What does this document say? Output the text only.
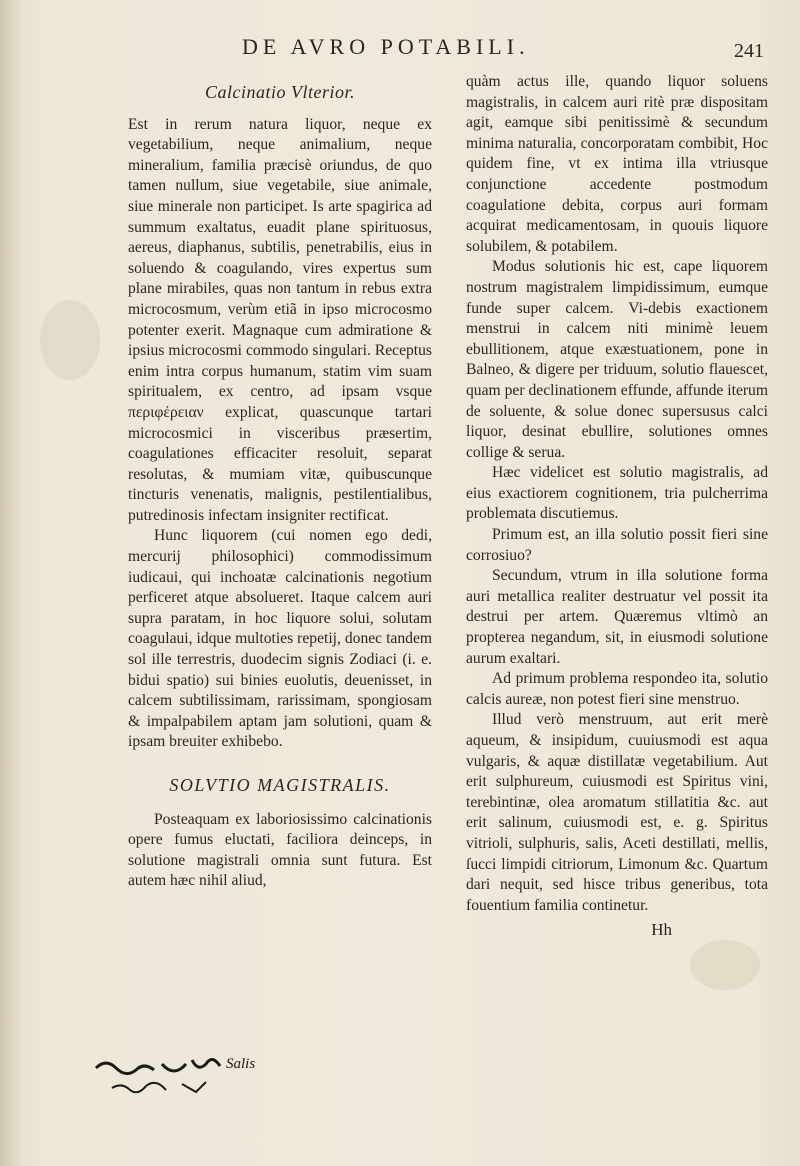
DE AVRO POTABILI.	241
Calcinatio Vlterior.

Est in rerum natura liquor, neque ex vegetabilium, neque animalium, neque mineralium, familia præcisè oriundus, de quo tamen nullum, siue vegetabile, siue animale, siue minerale non participet. Is arte spagirica ad summum exaltatus, euadit plane spirituosus, aereus, diaphanus, subtilis, penetrabilis, eius in soluendo & coagulando, vires expertus sum plane mirabiles, quas non tantum in rebus extra microcosmum, verùm etiã in ipso microcosmo potenter exerit. Magnaque cum admiratione & ipsius microcosmi commodo singulari. Receptus enim intra corpus humanum, statim vim suam spiritualem, ex centro, ad ipsam vsque περιφέρειαν explicat, quascunque tartari microcosmici in visceribus præsertim, coagulationes efficaciter resoluit, separat resolutas, & mumiam vitæ, quibuscunque tincturis venenatis, malignis, pestilentialibus, putredinosis infectam insigniter rectificat.

Hunc liquorem (cui nomen ego dedi, mercurij philosophici) commodissimum iudicaui, qui inchoatæ calcinationis negotium perficeret atque absolueret. Itaque calcem auri supra paratam, in hoc liquore solui, solutam coagulaui, idque multoties repetij, donec tandem sol ille terrestris, duodecim signis Zodiaci (i. e. bidui spatio) sui binies euolutis, deuenisset, in calcem subtilissimam, rarissimam, spongiosam & impalpabilem aptam jam solutioni, quam & ipsam breuiter exhibebo.

SOLVTIO MAGISTRALIS.

Posteaquam ex laboriosissimo calcinationis opere fumus eluctati, faciliora deinceps, in solutione magistrali omnia sunt futura. Est autem hæc nihil aliud,

quàm actus ille, quando liquor soluens magistralis, in calcem auri ritè præ dispositam agit, eamque sibi penitissimè & secundum minima naturalia, concorporatam combibit, Hoc quidem fine, vt ex intima illa vtriusque conjunctione accedente postmodum coagulatione debita, corpus auri formam acquirat medicamentosam, in quouis liquore solubilem, & potabilem.

Modus solutionis hic est, cape liquorem nostrum magistralem limpidissimum, eumque funde super calcem. Vi-debis exactionem menstrui in calcem niti minimè leuem ebullitionem, atque exæstuationem, pone in Balneo, & digere per triduum, solutio flauescet, quam per declinationem effunde, affunde iterum de soluente, & solue donec supersusus calci liquor, desinat ebullire, solutiones omnes collige & serua.

Hæc videlicet est solutio magistralis, ad eius exactiorem cognitionem, tria pulcherrima problemata discutiemus.

Primum est, an illa solutio possit fieri sine corrosiuo?

Secundum, vtrum in illa solutione forma auri metallica realiter destruatur vel possit ita destrui per artem. Quæremus vltimò an propterea negandum, sit, in eiusmodi solutione aurum exaltari.

Ad primum problema respondeo ita, solutio calcis aureæ, non potest fieri sine menstruo.

Illud verò menstruum, aut erit merè aqueum, & insipidum, cuuiusmodi est aqua vulgaris, & aquæ distillatæ vegetabilium. Aut erit sulphureum, cuiusmodi est Spiritus vini, terebintinæ, olea aromatum stillatitia &c. aut erit salinum, cuiusmodi est, e. g. Spiritus vitrioli, sulphuris, salis, Aceti destillati, mellis, ſucci limpidi citriorum, Limonum &c. Quartum dari nequit, sed hisce tribus generibus, tota fouentium familia continetur.

Hh
Salis
